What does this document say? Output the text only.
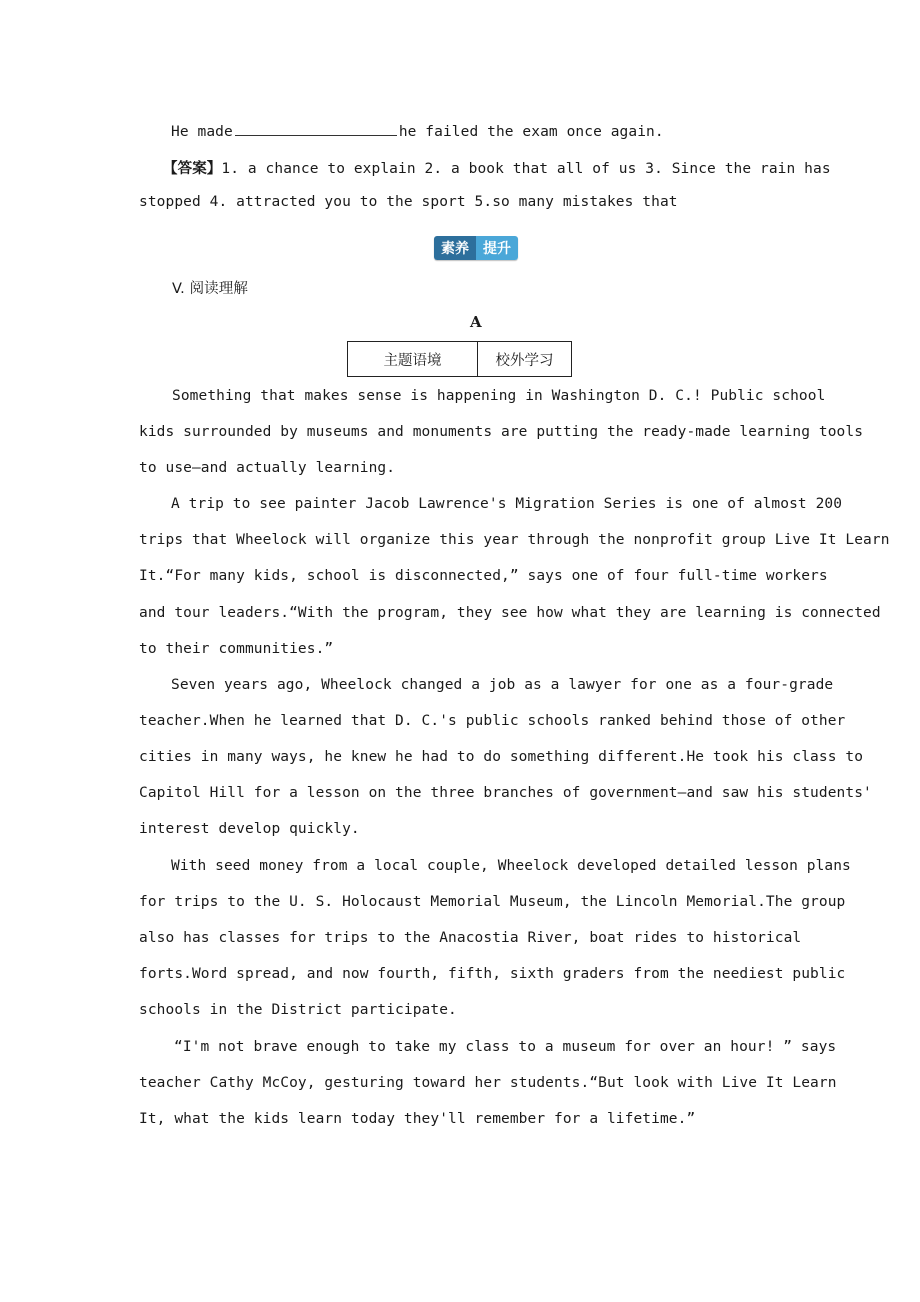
He made	he failed the exam once again.
【答案】1. a chance to explain 2. a book that all of us 3. Since the rain has
stopped 4. attracted you to the sport 5.so many mistakes that
素养	提升
V. 阅读理解
A
主题语境	校外学习
Something that makes sense is happening in Washington D. C.! Public school
kids surrounded by museums and monuments are putting the ready-made learning tools
to use—and actually learning.
A trip to see painter Jacob Lawrence's Migration Series is one of almost 200
trips that Wheelock will organize this year through the nonprofit group Live It Learn
It.“For many kids, school is disconnected,” says one of four full-time workers
and tour leaders.“With the program, they see how what they are learning is connected
to their communities.”
Seven years ago, Wheelock changed a job as a lawyer for one as a four-grade
teacher.When he learned that D. C.'s public schools ranked behind those of other
cities in many ways, he knew he had to do something different.He took his class to
Capitol Hill for a lesson on the three branches of government—and saw his students'
interest develop quickly.
With seed money from a local couple, Wheelock developed detailed lesson plans
for trips to the U. S. Holocaust Memorial Museum, the Lincoln Memorial.The group
also has classes for trips to the Anacostia River, boat rides to historical
forts.Word spread, and now fourth, fifth, sixth graders from the neediest public
schools in the District participate.
“I'm not brave enough to take my class to a museum for over an hour! ” says
teacher Cathy McCoy, gesturing toward her students.“But look with Live It Learn
It, what the kids learn today they'll remember for a lifetime.”
